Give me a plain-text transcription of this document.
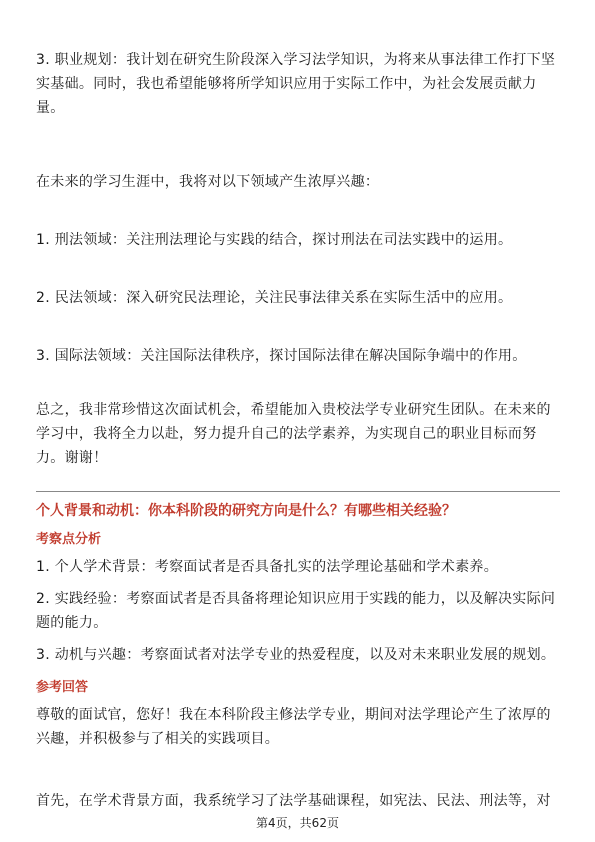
3. 职业规划：我计划在研究生阶段深入学习法学知识，为将来从事法律工作打下坚实基础。同时，我也希望能够将所学知识应用于实际工作中，为社会发展贡献力量。

在未来的学习生涯中，我将对以下领域产生浓厚兴趣：

1. 刑法领域：关注刑法理论与实践的结合，探讨刑法在司法实践中的运用。

2. 民法领域：深入研究民法理论，关注民事法律关系在实际生活中的应用。

3. 国际法领域：关注国际法律秩序，探讨国际法律在解决国际争端中的作用。

总之，我非常珍惜这次面试机会，希望能加入贵校法学专业研究生团队。在未来的学习中，我将全力以赴，努力提升自己的法学素养，为实现自己的职业目标而努力。谢谢！

个人背景和动机：你本科阶段的研究方向是什么？有哪些相关经验？

考察点分析

1. 个人学术背景：考察面试者是否具备扎实的法学理论基础和学术素养。

2. 实践经验：考察面试者是否具备将理论知识应用于实践的能力，以及解决实际问题的能力。

3. 动机与兴趣：考察面试者对法学专业的热爱程度，以及对未来职业发展的规划。

参考回答

尊敬的面试官，您好！我在本科阶段主修法学专业，期间对法学理论产生了浓厚的兴趣，并积极参与了相关的实践项目。

首先，在学术背景方面，我系统学习了法学基础课程，如宪法、民法、刑法等，对

第4页，共62页
